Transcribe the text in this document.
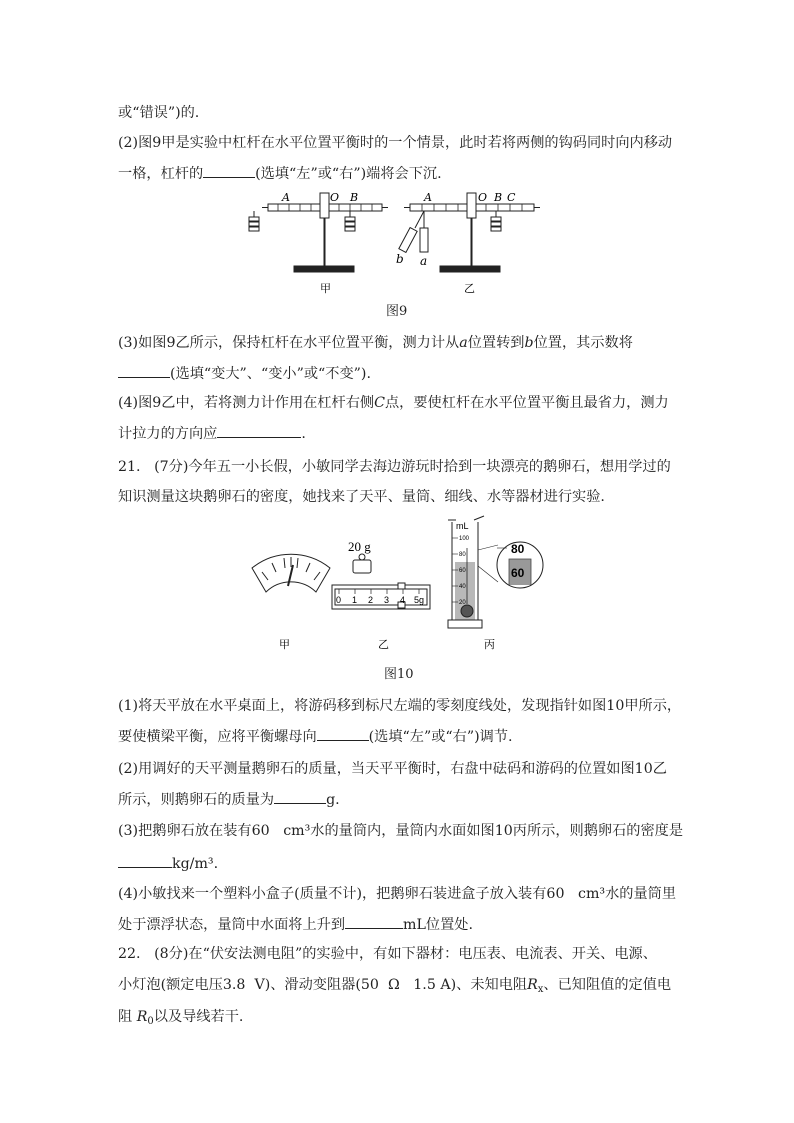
或“错误”)的.
(2)图9甲是实验中杠杆在水平位置平衡时的一个情景，此时若将两侧的钩码同时向内移动
一格，杠杆的	(选填“左”或“右”)端将会下沉.
A	O B
甲
A	O B C
b a
乙
图9
(3)如图9乙所示，保持杠杆在水平位置平衡，测力计从a位置转到b位置，其示数将
(选填“变大”、“变小”或“不变”).
(4)图9乙中，若将测力计作用在杠杆右侧C点，要使杠杆在水平位置平衡且最省力，测力
计拉力的方向应	.
21. (7分)今年五一小长假，小敏同学去海边游玩时拾到一块漂亮的鹅卵石，想用学过的
知识测量这块鹅卵石的密度，她找来了天平、量筒、细线、水等器材进行实验.
甲
20 g
0 1 2 3 4 5g
乙
mL
100
80
60
40
20
80
60
丙
图10
(1)将天平放在水平桌面上，将游码移到标尺左端的零刻度线处，发现指针如图10甲所示，
要使横梁平衡，应将平衡螺母向	(选填“左”或“右”)调节.
(2)用调好的天平测量鹅卵石的质量，当天平平衡时，右盘中砝码和游码的位置如图10乙
所示，则鹅卵石的质量为	g.
(3)把鹅卵石放在装有60 cm³水的量筒内，量筒内水面如图10丙所示，则鹅卵石的密度是
kg/m³.
(4)小敏找来一个塑料小盒子(质量不计)，把鹅卵石装进盒子放入装有60 cm³水的量筒里
处于漂浮状态，量筒中水面将上升到	mL位置处.
22. (8分)在“伏安法测电阻”的实验中，有如下器材：电压表、电流表、开关、电源、
小灯泡(额定电压3.8 V)、滑动变阻器(50 Ω 1.5 A)、未知电阻$R_x$、已知阻值的定值电
阻 $R_0$以及导线若干.
